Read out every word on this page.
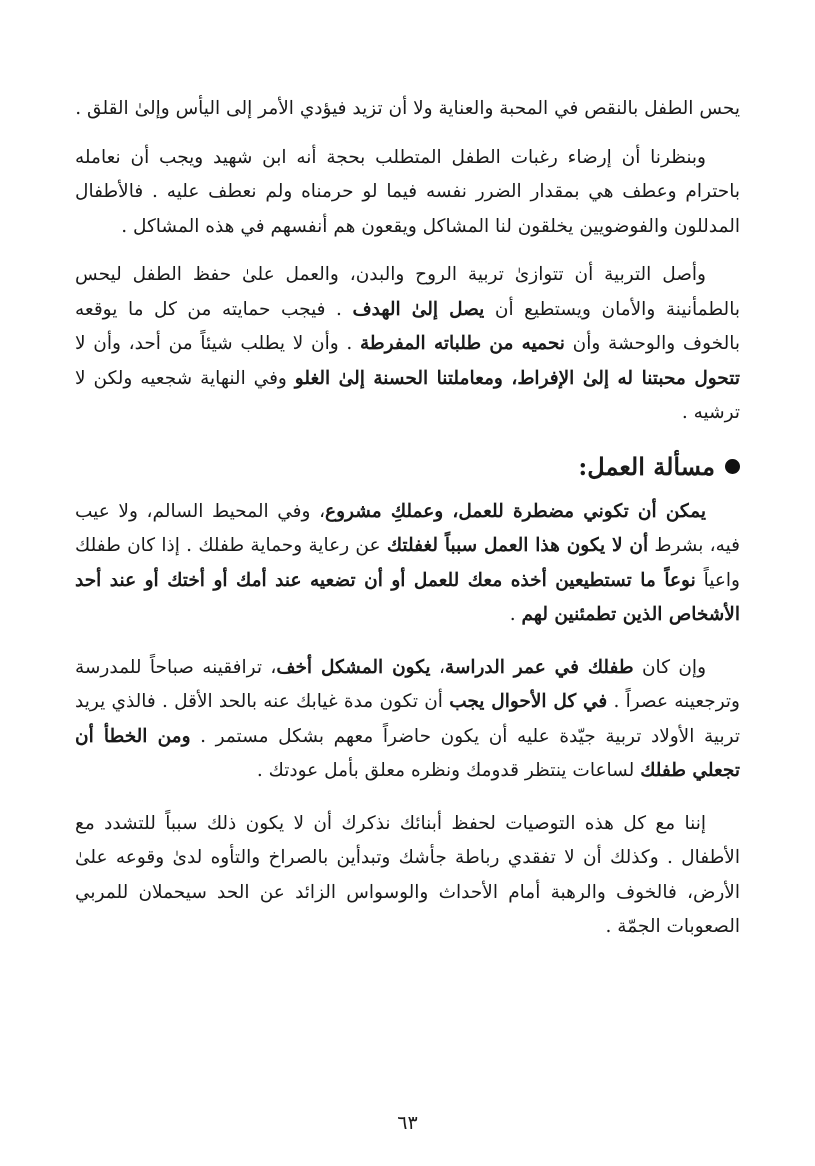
يحس الطفل بالنقص في المحبة والعناية ولا أن تزيد فيؤدي الأمر إلى اليأس وإلىٰ القلق .

وبنظرنا أن إرضاء رغبات الطفل المتطلب بحجة أنه ابن شهيد ويجب أن نعامله باحترام وعطف هي بمقدار الضرر نفسه فيما لو حرمناه ولم نعطف عليه . فالأطفال المدللون والفوضويين يخلقون لنا المشاكل ويقعون هم أنفسهم في هذه المشاكل .

وأصل التربية أن تتوازىٰ تربية الروح والبدن، والعمل علىٰ حفظ الطفل ليحس بالطمأنينة والأمان ويستطيع أن يصل إلىٰ الهدف . فيجب حمايته من كل ما يوقعه بالخوف والوحشة وأن نحميه من طلباته المفرطة . وأن لا يطلب شيئاً من أحد، وأن لا تتحول محبتنا له إلىٰ الإفراط، ومعاملتنا الحسنة إلىٰ الغلو وفي النهاية شجعيه ولكن لا ترشيه .

مسألة العمل:

يمكن أن تكوني مضطرة للعمل، وعملكِ مشروع، وفي المحيط السالم، ولا عيب فيه، بشرط أن لا يكون هذا العمل سبباً لغفلتك عن رعاية وحماية طفلك . إذا كان طفلك واعياً نوعاً ما تستطيعين أخذه معك للعمل أو أن تضعيه عند أمك أو أختك أو عند أحد الأشخاص الذين تطمئنين لهم .

وإن كان طفلك في عمر الدراسة، يكون المشكل أخف، ترافقينه صباحاً للمدرسة وترجعينه عصراً . في كل الأحوال يجب أن تكون مدة غيابك عنه بالحد الأقل . فالذي يريد تربية الأولاد تربية جيّدة عليه أن يكون حاضراً معهم بشكل مستمر . ومن الخطأ أن تجعلي طفلك لساعات ينتظر قدومك ونظره معلق بأمل عودتك .

إننا مع كل هذه التوصيات لحفظ أبنائك نذكرك أن لا يكون ذلك سبباً للتشدد مع الأطفال . وكذلك أن لا تفقدي رباطة جأشك وتبدأين بالصراخ والتأوه لدىٰ وقوعه علىٰ الأرض، فالخوف والرهبة أمام الأحداث والوسواس الزائد عن الحد سيحملان للمربي الصعوبات الجمّة .

٦٣
